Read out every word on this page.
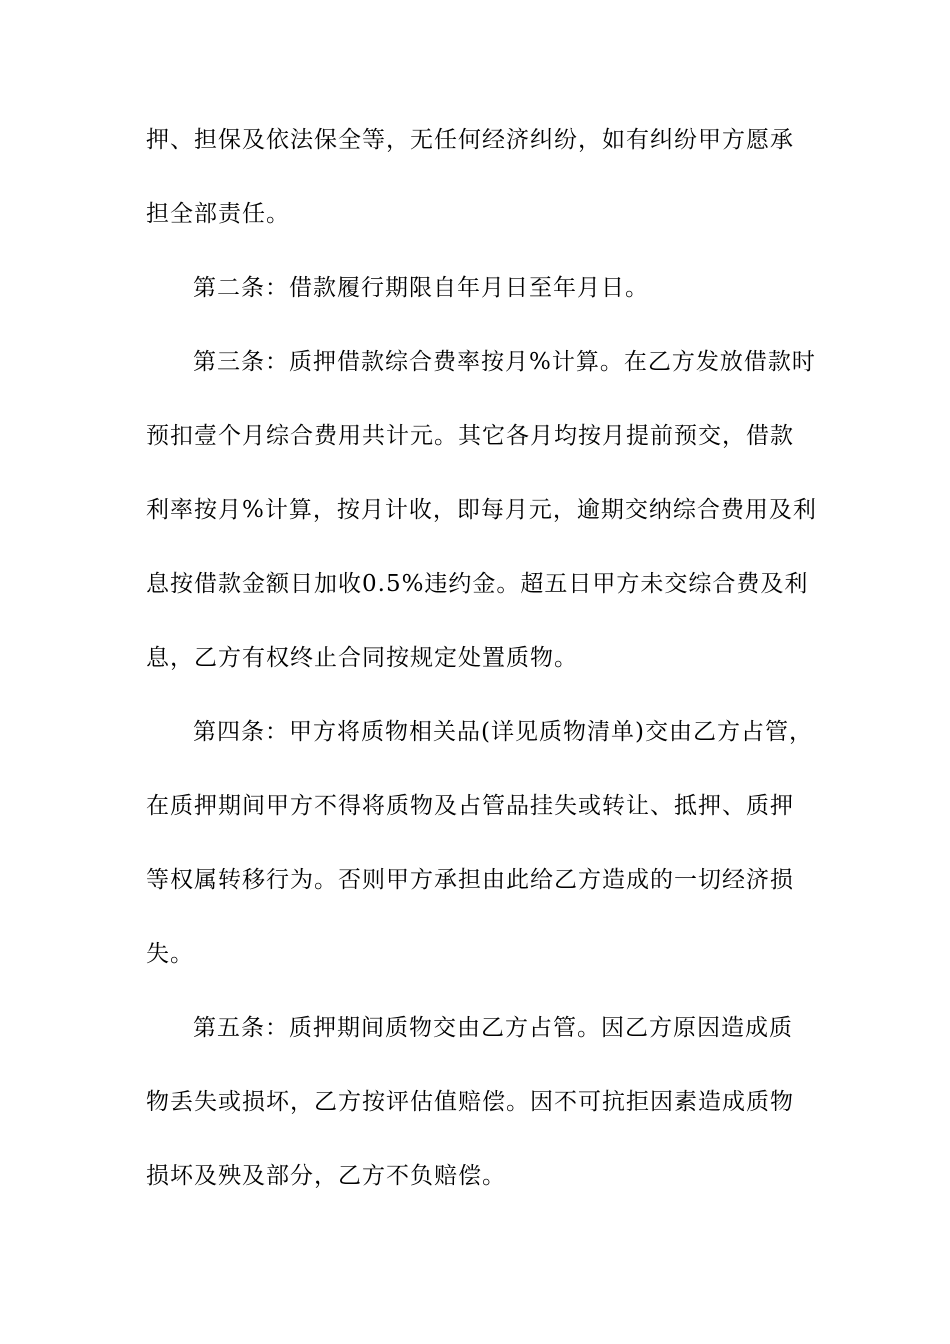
押、担保及依法保全等，无任何经济纠纷，如有纠纷甲方愿承
担全部责任。
第二条：借款履行期限自年月日至年月日。
第三条：质押借款综合费率按月%计算。在乙方发放借款时
预扣壹个月综合费用共计元。其它各月均按月提前预交，借款
利率按月%计算，按月计收，即每月元，逾期交纳综合费用及利
息按借款金额日加收0.5%违约金。超五日甲方未交综合费及利
息，乙方有权终止合同按规定处置质物。
第四条：甲方将质物相关品(详见质物清单)交由乙方占管，
在质押期间甲方不得将质物及占管品挂失或转让、抵押、质押
等权属转移行为。否则甲方承担由此给乙方造成的一切经济损
失。
第五条：质押期间质物交由乙方占管。因乙方原因造成质
物丢失或损坏，乙方按评估值赔偿。因不可抗拒因素造成质物
损坏及殃及部分，乙方不负赔偿。
